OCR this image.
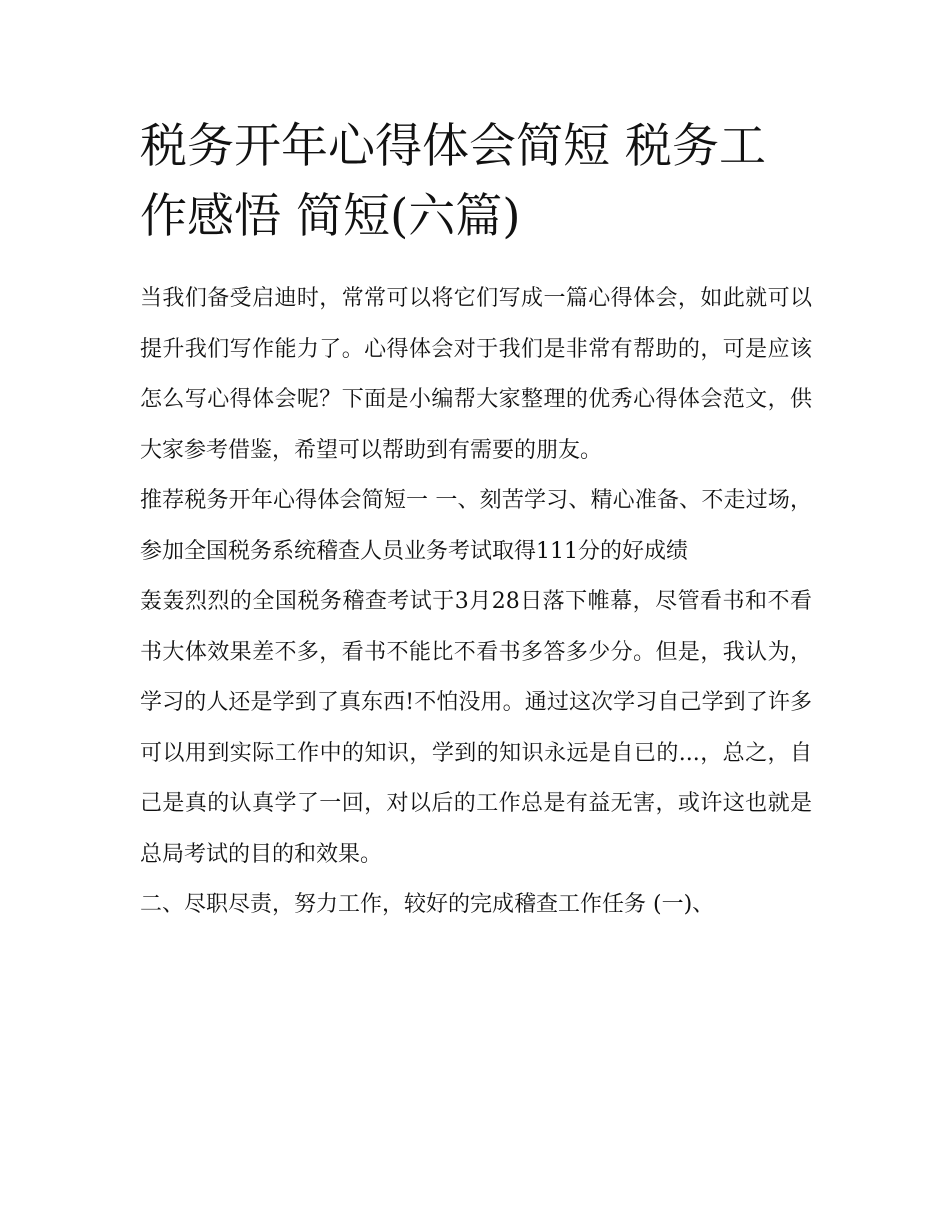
税务开年心得体会简短 税务工作感悟 简短(六篇)

当我们备受启迪时，常常可以将它们写成一篇心得体会，如此就可以提升我们写作能力了。心得体会对于我们是非常有帮助的，可是应该怎么写心得体会呢？下面是小编帮大家整理的优秀心得体会范文，供大家参考借鉴，希望可以帮助到有需要的朋友。

推荐税务开年心得体会简短一 一、刻苦学习、精心准备、不走过场，参加全国税务系统稽查人员业务考试取得111分的好成绩

轰轰烈烈的全国税务稽查考试于3月28日落下帷幕，尽管看书和不看书大体效果差不多，看书不能比不看书多答多少分。但是，我认为，学习的人还是学到了真东西!不怕没用。通过这次学习自己学到了许多可以用到实际工作中的知识，学到的知识永远是自已的...，总之，自己是真的认真学了一回，对以后的工作总是有益无害，或许这也就是总局考试的目的和效果。

二、尽职尽责，努力工作，较好的完成稽查工作任务 (一)、
